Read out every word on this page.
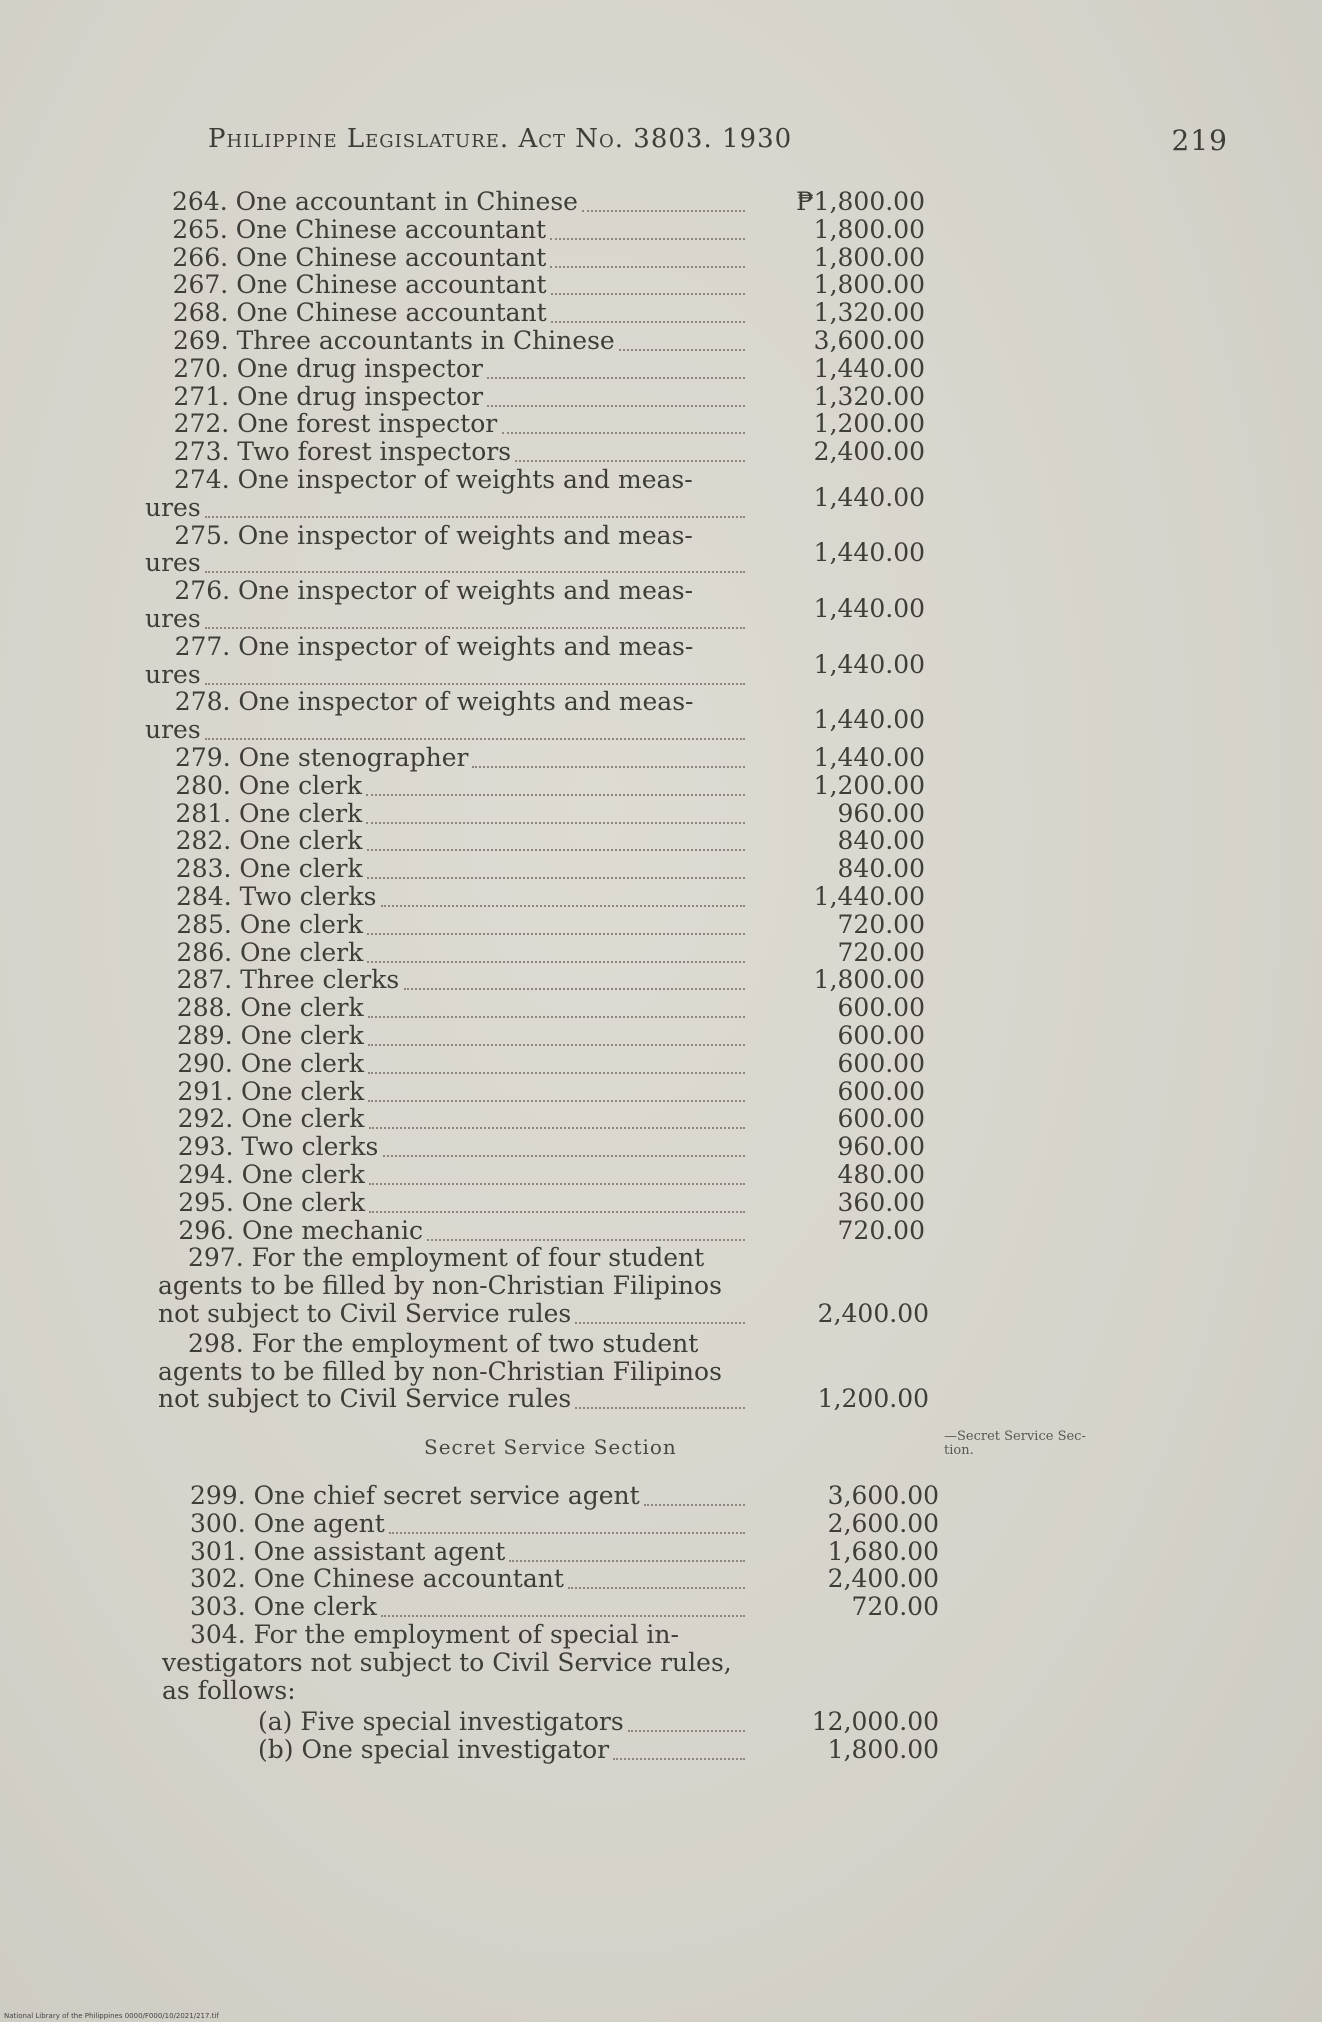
Philippine Legislature. Act No. 3803. 1930	219
264. One accountant in Chinese	₱1,800.00
265. One Chinese accountant	1,800.00
266. One Chinese accountant	1,800.00
267. One Chinese accountant	1,800.00
268. One Chinese accountant	1,320.00
269. Three accountants in Chinese	3,600.00
270. One drug inspector	1,440.00
271. One drug inspector	1,320.00
272. One forest inspector	1,200.00
273. Two forest inspectors	2,400.00
274. One inspector of weights and meas-
ures	1,440.00
275. One inspector of weights and meas-
ures	1,440.00
276. One inspector of weights and meas-
ures	1,440.00
277. One inspector of weights and meas-
ures	1,440.00
278. One inspector of weights and meas-
ures	1,440.00
279. One stenographer	1,440.00
280. One clerk	1,200.00
281. One clerk	960.00
282. One clerk	840.00
283. One clerk	840.00
284. Two clerks	1,440.00
285. One clerk	720.00
286. One clerk	720.00
287. Three clerks	1,800.00
288. One clerk	600.00
289. One clerk	600.00
290. One clerk	600.00
291. One clerk	600.00
292. One clerk	600.00
293. Two clerks	960.00
294. One clerk	480.00
295. One clerk	360.00
296. One mechanic	720.00
297. For the employment of four student
agents to be filled by non-Christian Filipinos
not subject to Civil Service rules	2,400.00
298. For the employment of two student
agents to be filled by non-Christian Filipinos
not subject to Civil Service rules	1,200.00
299. One chief secret service agent	3,600.00
300. One agent	2,600.00
301. One assistant agent	1,680.00
302. One Chinese accountant	2,400.00
303. One clerk	720.00
304. For the employment of special in-
vestigators not subject to Civil Service rules,
as follows:
(a) Five special investigators	12,000.00
(b) One special investigator	1,800.00
Secret Service Section	—Secret Service Sec-
tion.
National Library of the Philippines 0000/F000/10/2021/217.tif
